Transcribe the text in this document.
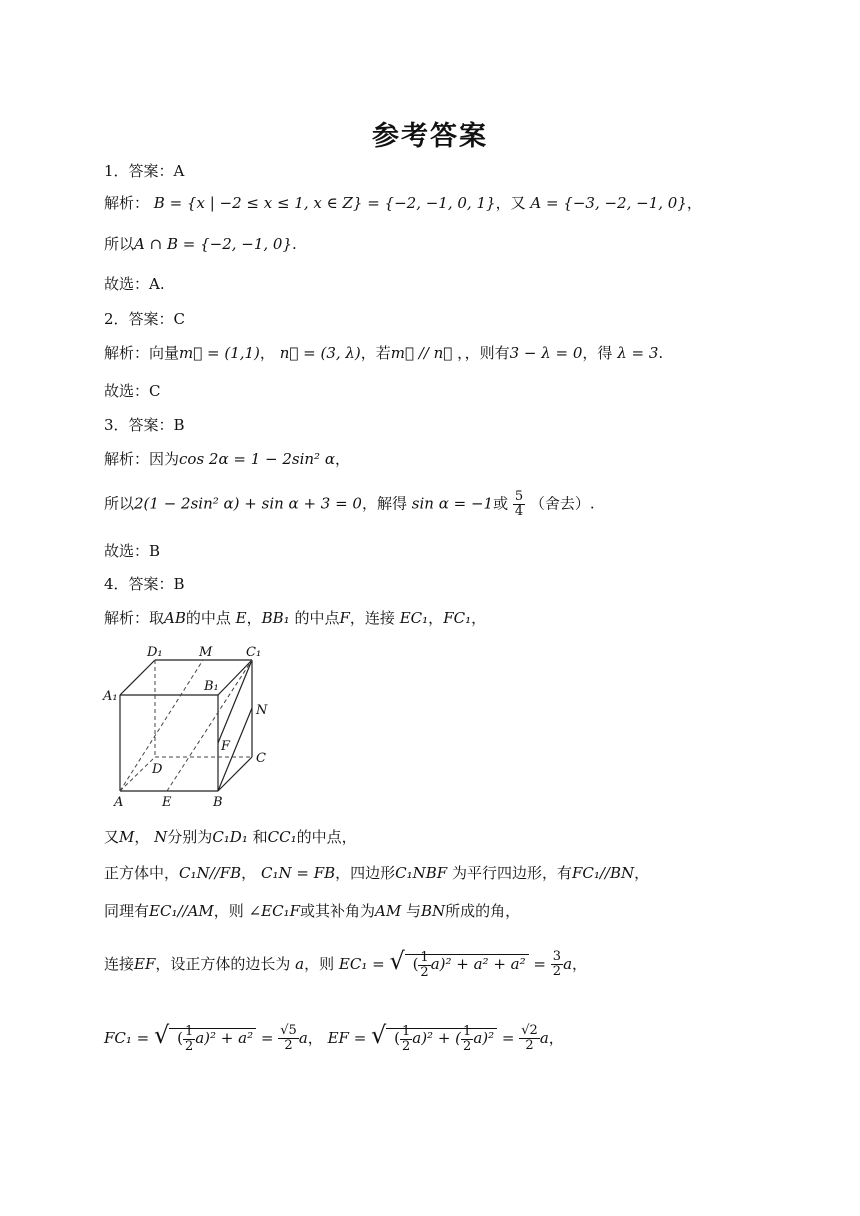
参考答案
1．答案：A
解析： B = {x | −2 ≤ x ≤ 1, x ∈ Z} = {−2, −1, 0, 1}，又 A = {−3, −2, −1, 0}，
所以A ∩ B = {−2, −1, 0}.
故选：A.
2．答案：C
解析：向量m⃗ = (1,1)， n⃗ = (3, λ)，若m⃗ // n⃗ ，，则有3 − λ = 0，得 λ = 3.
故选：C
3．答案：B
解析：因为cos 2α = 1 − 2sin² α，
所以2(1 − 2sin² α) + sin α + 3 = 0，解得 sin α = −1或 $\frac{5}{4}$ （舍去）.
故选：B
4．答案：B
解析：取AB的中点 E，BB₁ 的中点F，连接 EC₁，FC₁，
D₁	M	C₁
A₁
B₁
N
F
D
C
A	E	B
又M， N分别为C₁D₁ 和CC₁的中点，
正方体中，C₁N//FB， C₁N = FB，四边形C₁NBF 为平行四边形，有FC₁//BN，
同理有EC₁//AM，则 ∠EC₁F或其补角为AM 与BN所成的角，
连接EF，设正方体的边长为 a，则 EC₁ = √ ( $\frac{1}{2} a)^2 + a^2 + a^2 = \frac{3}{2}$ a，
FC₁ = √ ( $\frac{1}{2} a)^2 + a^2 = \frac{√5}{2}$ a， EF = √ ( $\frac{1}{2} a)^2$ + ( $\frac{1}{2} a)^2 = \frac{√2}{2}$ a，
